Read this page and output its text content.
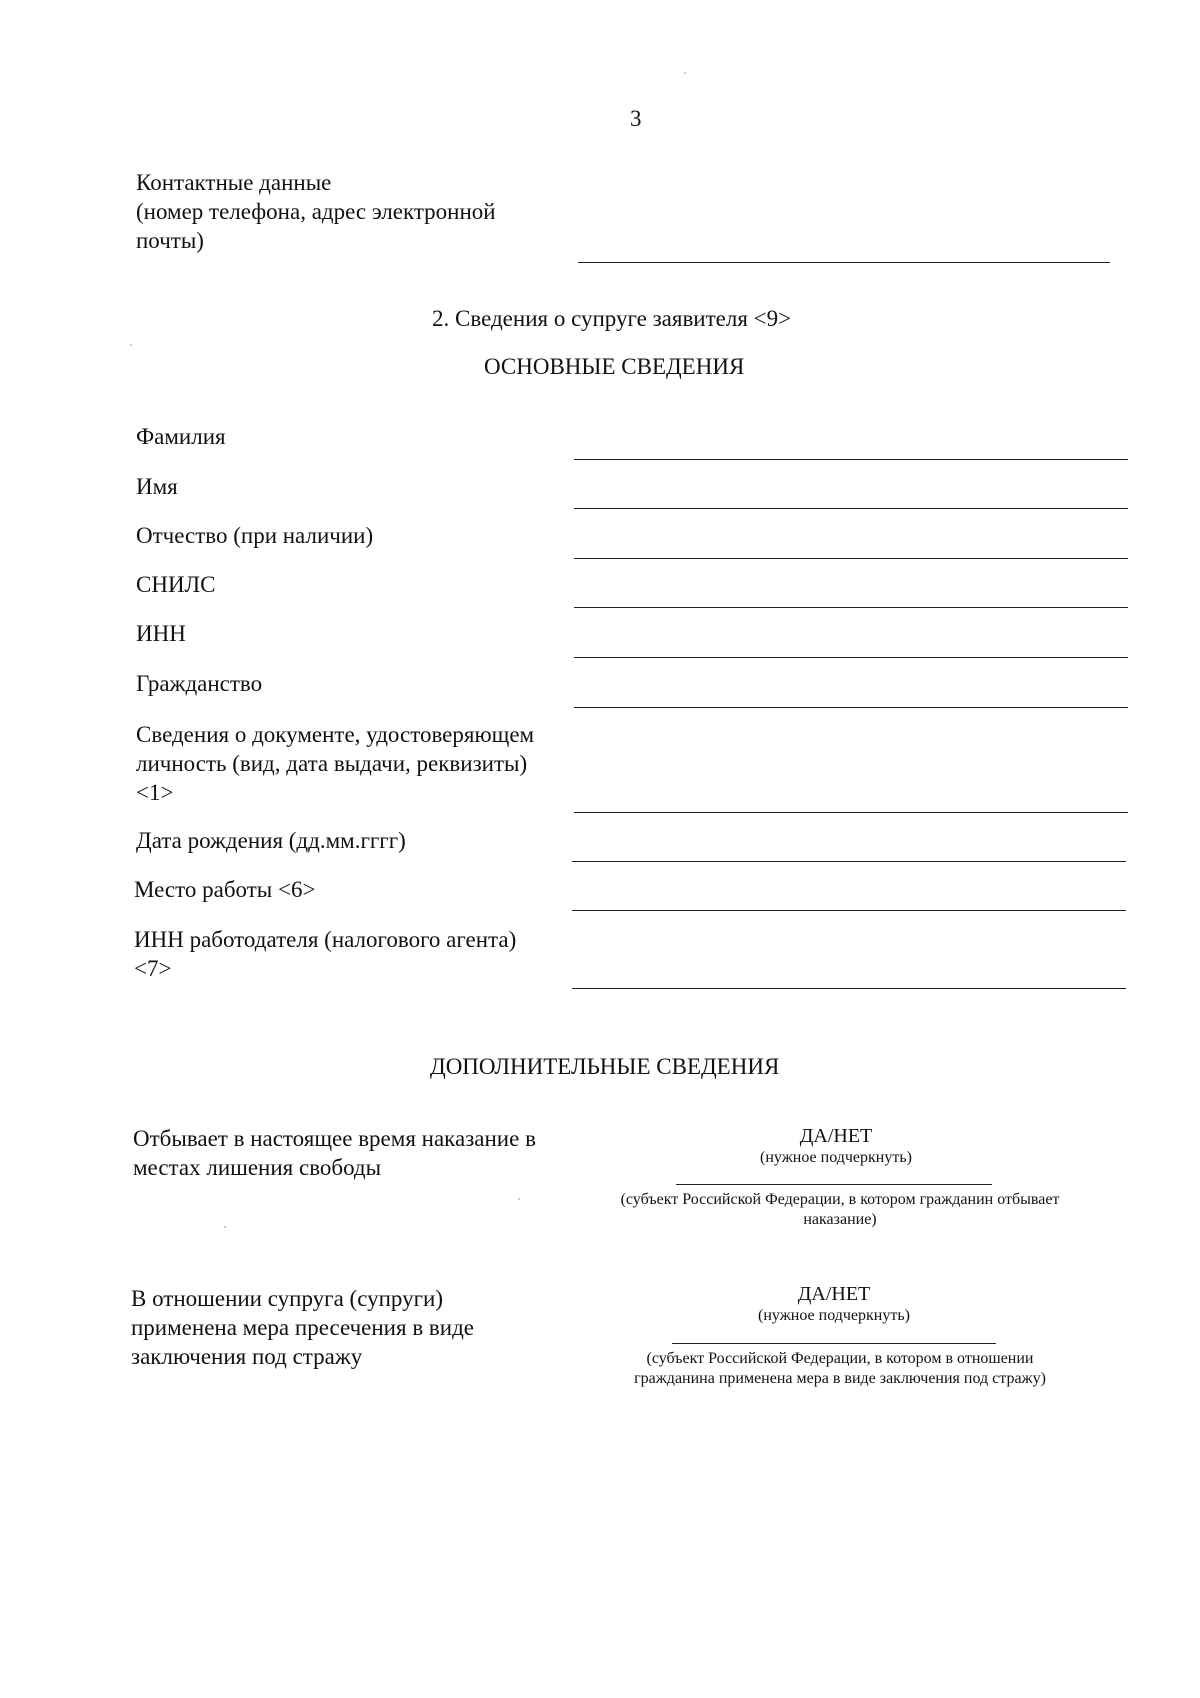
3
Контактные данные
(номер телефона, адрес электронной
почты)
2. Сведения о супруге заявителя <9>
ОСНОВНЫЕ СВЕДЕНИЯ
Фамилия
Имя
Отчество (при наличии)
СНИЛС
ИНН
Гражданство
Сведения о документе, удостоверяющем
личность (вид, дата выдачи, реквизиты)
<1>
Дата рождения (дд.мм.гггг)
Место работы <6>
ИНН работодателя (налогового агента)
<7>
ДОПОЛНИТЕЛЬНЫЕ СВЕДЕНИЯ
Отбывает в настоящее время наказание в
местах лишения свободы
ДА/НЕТ
(нужное подчеркнуть)
(субъект Российской Федерации, в котором гражданин отбывает
наказание)
В отношении супруга (супруги)
применена мера пресечения в виде
заключения под стражу
ДА/НЕТ
(нужное подчеркнуть)
(субъект Российской Федерации, в котором в отношении
гражданина применена мера в виде заключения под стражу)
